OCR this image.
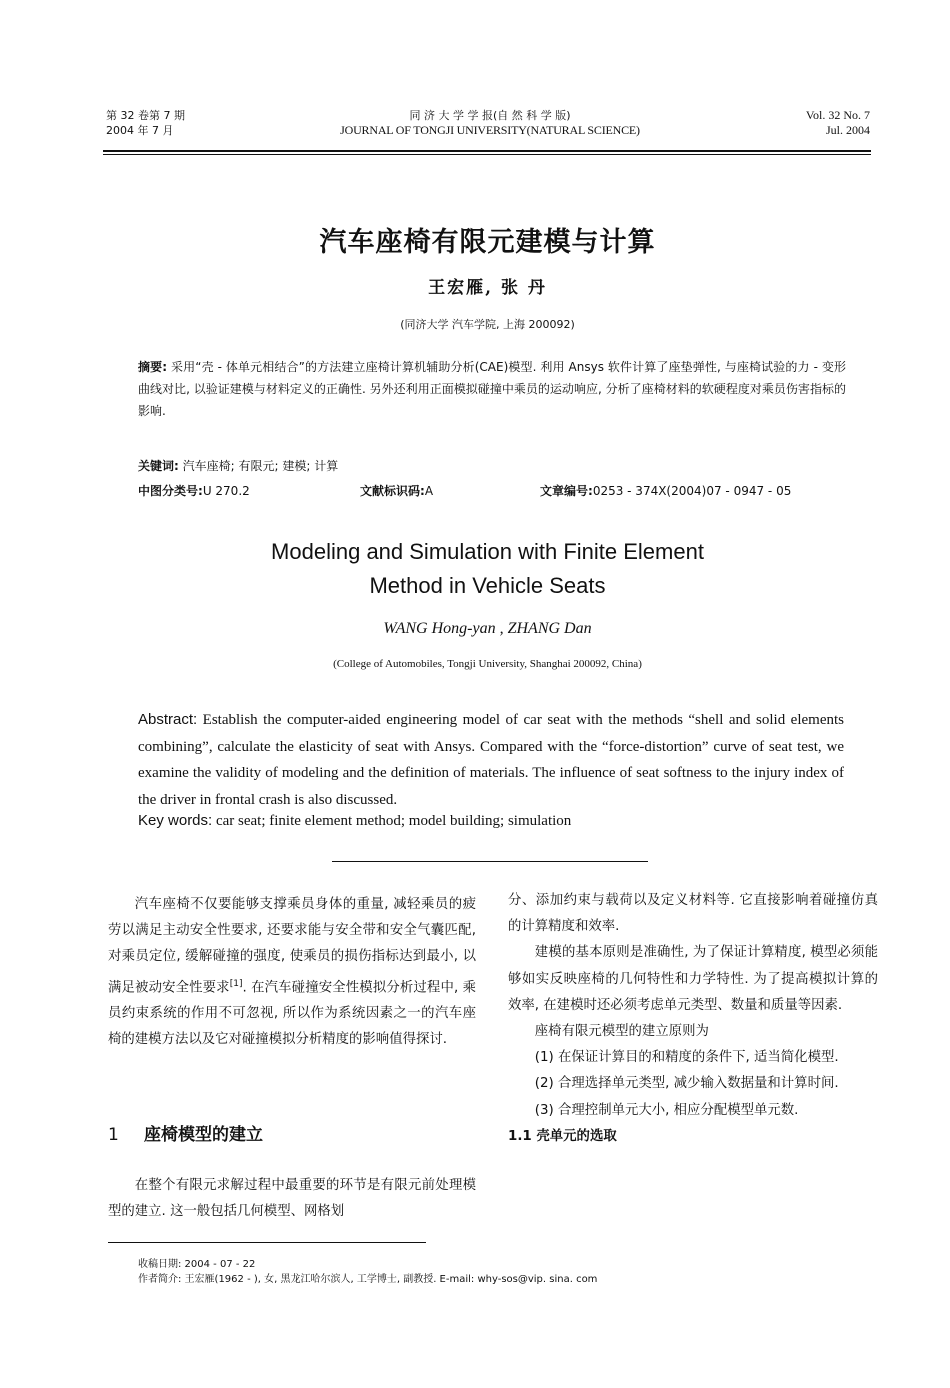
第 32 卷第 7 期
2004 年 7 月
同 济 大 学 学 报(自 然 科 学 版)
JOURNAL OF TONGJI UNIVERSITY(NATURAL SCIENCE)
Vol. 32 No. 7
Jul. 2004
汽车座椅有限元建模与计算
王宏雁, 张 丹
(同济大学 汽车学院, 上海 200092)
摘要: 采用“壳 - 体单元相结合”的方法建立座椅计算机辅助分析(CAE)模型. 利用 Ansys 软件计算了座垫弹性, 与座椅试验的力 - 变形曲线对比, 以验证建模与材料定义的正确性. 另外还利用正面模拟碰撞中乘员的运动响应, 分析了座椅材料的软硬程度对乘员伤害指标的影响.
关键词: 汽车座椅; 有限元; 建模; 计算
中图分类号: U 270.2	文献标识码: A	文章编号: 0253 - 374X(2004)07 - 0947 - 05
Modeling and Simulation with Finite Element
Method in Vehicle Seats
WANG Hong-yan , ZHANG Dan
(College of Automobiles, Tongji University, Shanghai 200092, China)
Abstract: Establish the computer-aided engineering model of car seat with the methods “shell and solid elements combining”, calculate the elasticity of seat with Ansys. Compared with the “force-distortion” curve of seat test, we examine the validity of modeling and the definition of materials. The influence of seat softness to the injury index of the driver in frontal crash is also discussed.
Key words: car seat; finite element method; model building; simulation

汽车座椅不仅要能够支撑乘员身体的重量, 减轻乘员的疲劳以满足主动安全性要求, 还要求能与安全带和安全气囊匹配, 对乘员定位, 缓解碰撞的强度, 使乘员的损伤指标达到最小, 以满足被动安全性要求[1]. 在汽车碰撞安全性模拟分析过程中, 乘员约束系统的作用不可忽视, 所以作为系统因素之一的汽车座椅的建模方法以及它对碰撞模拟分析精度的影响值得探讨.

1 座椅模型的建立

在整个有限元求解过程中最重要的环节是有限元前处理模型的建立. 这一般包括几何模型、网格划

分、添加约束与载荷以及定义材料等. 它直接影响着碰撞仿真的计算精度和效率.

建模的基本原则是准确性, 为了保证计算精度, 模型必须能够如实反映座椅的几何特性和力学特性. 为了提高模拟计算的效率, 在建模时还必须考虑单元类型、数量和质量等因素.

座椅有限元模型的建立原则为

(1) 在保证计算目的和精度的条件下, 适当简化模型.

(2) 合理选择单元类型, 减少输入数据量和计算时间.

(3) 合理控制单元大小, 相应分配模型单元数.

1.1 壳单元的选取

收稿日期: 2004 - 07 - 22
作者简介: 王宏雁(1962 - ), 女, 黑龙江哈尔滨人, 工学博士, 副教授. E-mail: why-sos@vip. sina. com
